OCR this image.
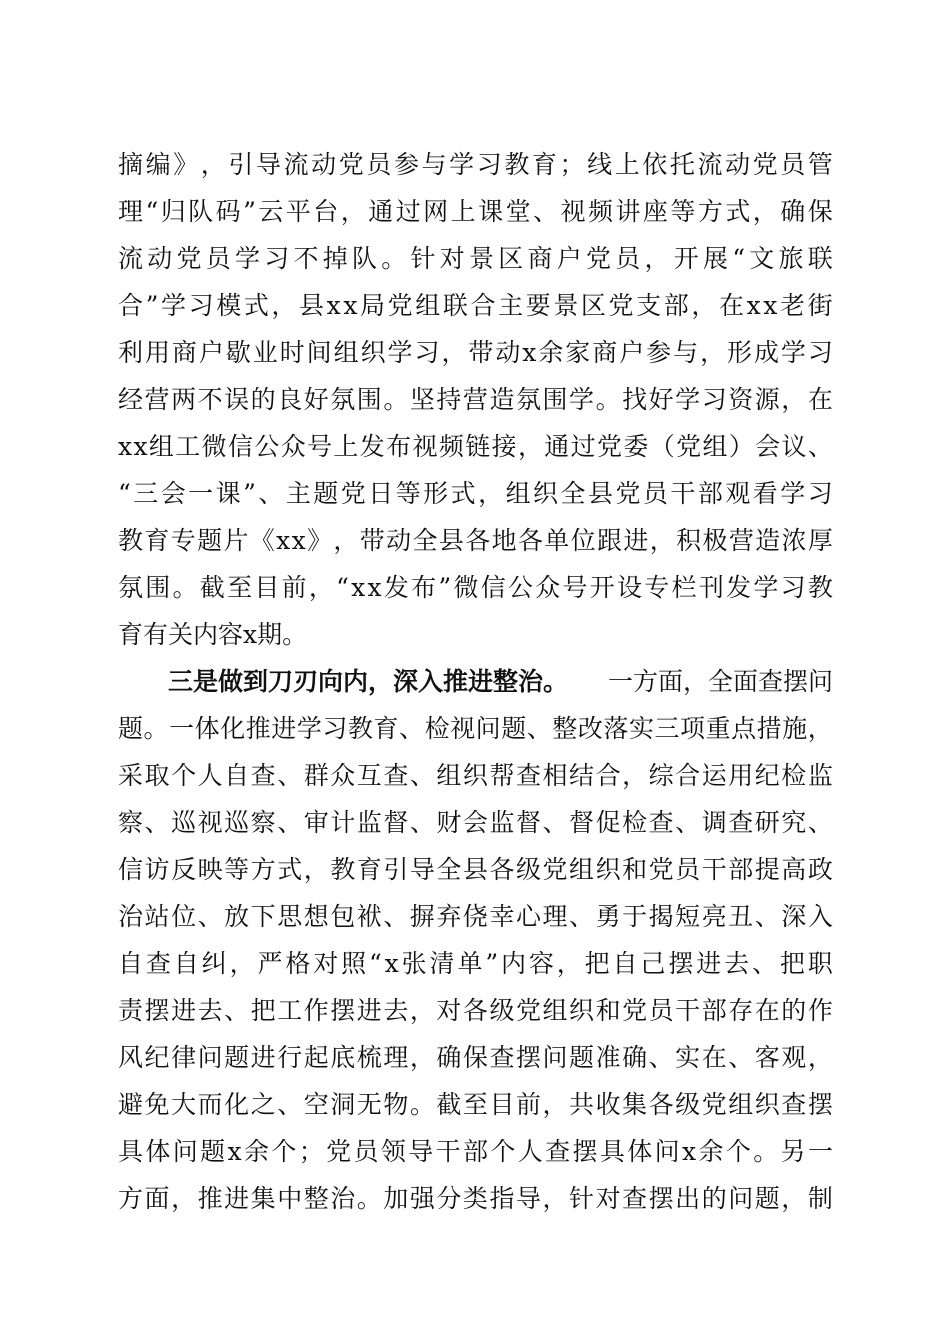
摘 编 》 ， 引 导 流 动 党 员 参 与 学 习 教 育 ； 线 上 依 托 流 动 党 员 管
理 “ 归 队 码 ” 云 平 台 ， 通 过 网 上 课 堂 、 视 频 讲 座 等 方 式 ， 确 保
流 动 党 员 学 习 不 掉 队 。 针 对 景 区 商 户 党 员 ， 开 展 “ 文 旅 联
合 ” 学 习 模 式 ， 县 x x 局 党 组 联 合 主 要 景 区 党 支 部 ， 在 x x 老 街
利 用 商 户 歇 业 时 间 组 织 学 习 ， 带 动 x 余 家 商 户 参 与 ， 形 成 学 习
经 营 两 不 误 的 良 好 氛 围 。 坚 持 营 造 氛 围 学 。 找 好 学 习 资 源 ， 在
x x 组 工 微 信 公 众 号 上 发 布 视 频 链 接 ， 通 过 党 委 （ 党 组 ） 会 议 、
“ 三 会 一 课 ” 、 主 题 党 日 等 形 式 ， 组 织 全 县 党 员 干 部 观 看 学 习
教 育 专 题 片 《 x x 》 ， 带 动 全 县 各 地 各 单 位 跟 进 ， 积 极 营 造 浓 厚
氛 围 。 截 至 目 前 ， “ x x 发 布 ” 微 信 公 众 号 开 设 专 栏 刊 发 学 习 教
育有关内容x期。
三是做到刀刃向内，深入推进整治。 一方面，全面查摆问
题 。 一 体 化 推 进 学 习 教 育 、 检 视 问 题 、 整 改 落 实 三 项 重 点 措 施 ，
采 取 个 人 自 查 、 群 众 互 查 、 组 织 帮 查 相 结 合 ， 综 合 运 用 纪 检 监
察 、 巡 视 巡 察 、 审 计 监 督 、 财 会 监 督 、 督 促 检 查 、 调 查 研 究 、
信 访 反 映 等 方 式 ， 教 育 引 导 全 县 各 级 党 组 织 和 党 员 干 部 提 高 政
治 站 位 、 放 下 思 想 包 袱 、 摒 弃 侥 幸 心 理 、 勇 于 揭 短 亮 丑 、 深 入
自 查 自 纠 ， 严 格 对 照 “ x 张 清 单 ” 内 容 ， 把 自 己 摆 进 去 、 把 职
责 摆 进 去 、 把 工 作 摆 进 去 ， 对 各 级 党 组 织 和 党 员 干 部 存 在 的 作
风 纪 律 问 题 进 行 起 底 梳 理 ， 确 保 查 摆 问 题 准 确 、 实 在 、 客 观 ，
避 免 大 而 化 之 、 空 洞 无 物 。 截 至 目 前 ， 共 收 集 各 级 党 组 织 查 摆
具 体 问 题 x 余 个 ； 党 员 领 导 干 部 个 人 查 摆 具 体 问 x 余 个 。 另 一
方 面 ， 推 进 集 中 整 治 。 加 强 分 类 指 导 ， 针 对 查 摆 出 的 问 题 ， 制
